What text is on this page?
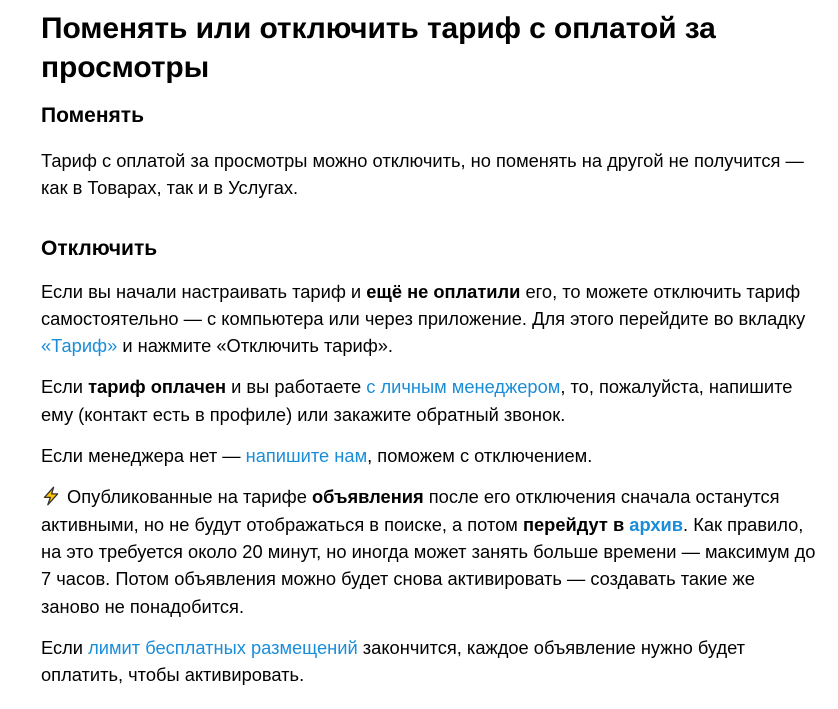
Поменять или отключить тариф с оплатой за просмотры
Поменять

Тариф с оплатой за просмотры можно отключить, но поменять на другой не получится — как в Товарах, так и в Услугах.

Отключить

Если вы начали настраивать тариф и ещё не оплатили его, то можете отключить тариф самостоятельно — с компьютера или через приложение. Для этого перейдите во вкладку «Тариф» и нажмите «Отключить тариф».

Если тариф оплачен и вы работаете с личным менеджером, то, пожалуйста, напишите ему (контакт есть в профиле) или закажите обратный звонок.

Если менеджера нет — напишите нам, поможем с отключением.

Опубликованные на тарифе объявления после его отключения сначала останутся активными, но не будут отображаться в поиске, а потом перейдут в архив. Как правило, на это требуется около 20 минут, но иногда может занять больше времени — максимум до 7 часов. Потом объявления можно будет снова активировать — создавать такие же заново не понадобится.

Если лимит бесплатных размещений закончится, каждое объявление нужно будет оплатить, чтобы активировать.
